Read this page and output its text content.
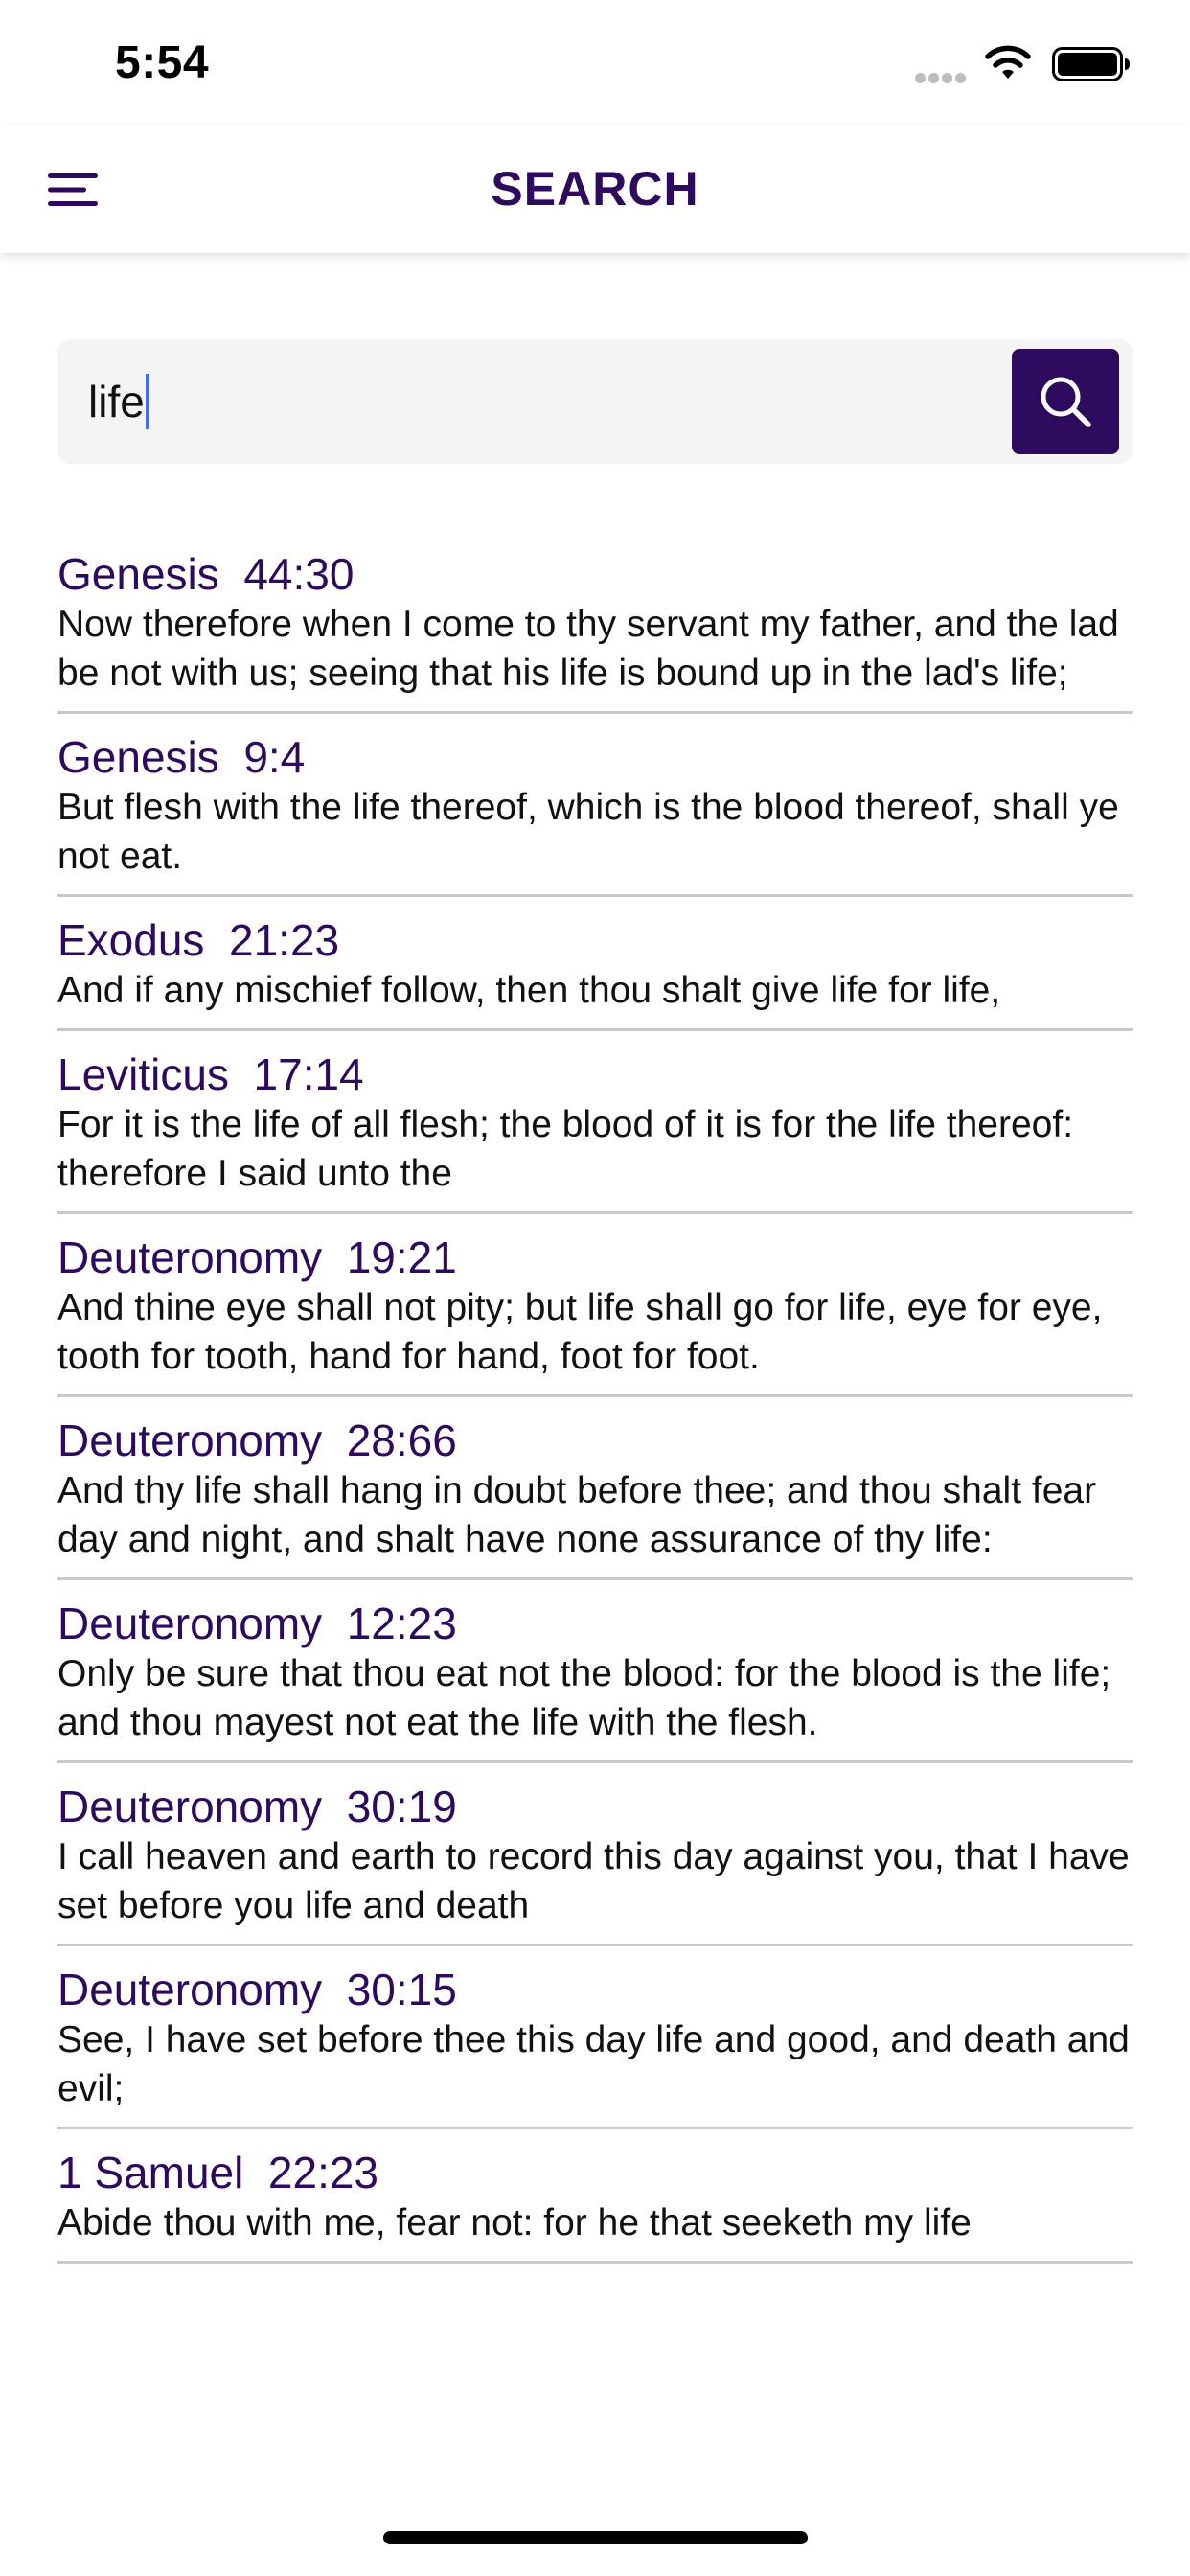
5:54
SEARCH
life
Genesis 44:30
Now therefore when I come to thy servant my father, and the lad be not with us; seeing that his life is bound up in the lad's life;
Genesis 9:4
But flesh with the life thereof, which is the blood thereof, shall ye not eat.
Exodus 21:23
And if any mischief follow, then thou shalt give life for life,
Leviticus 17:14
For it is the life of all flesh; the blood of it is for the life thereof: therefore I said unto the
Deuteronomy 19:21
And thine eye shall not pity; but life shall go for life, eye for eye, tooth for tooth, hand for hand, foot for foot.
Deuteronomy 28:66
And thy life shall hang in doubt before thee; and thou shalt fear day and night, and shalt have none assurance of thy life:
Deuteronomy 12:23
Only be sure that thou eat not the blood: for the blood is the life; and thou mayest not eat the life with the flesh.
Deuteronomy 30:19
I call heaven and earth to record this day against you, that I have set before you life and death
Deuteronomy 30:15
See, I have set before thee this day life and good, and death and evil;
1 Samuel 22:23
Abide thou with me, fear not: for he that seeketh my life
